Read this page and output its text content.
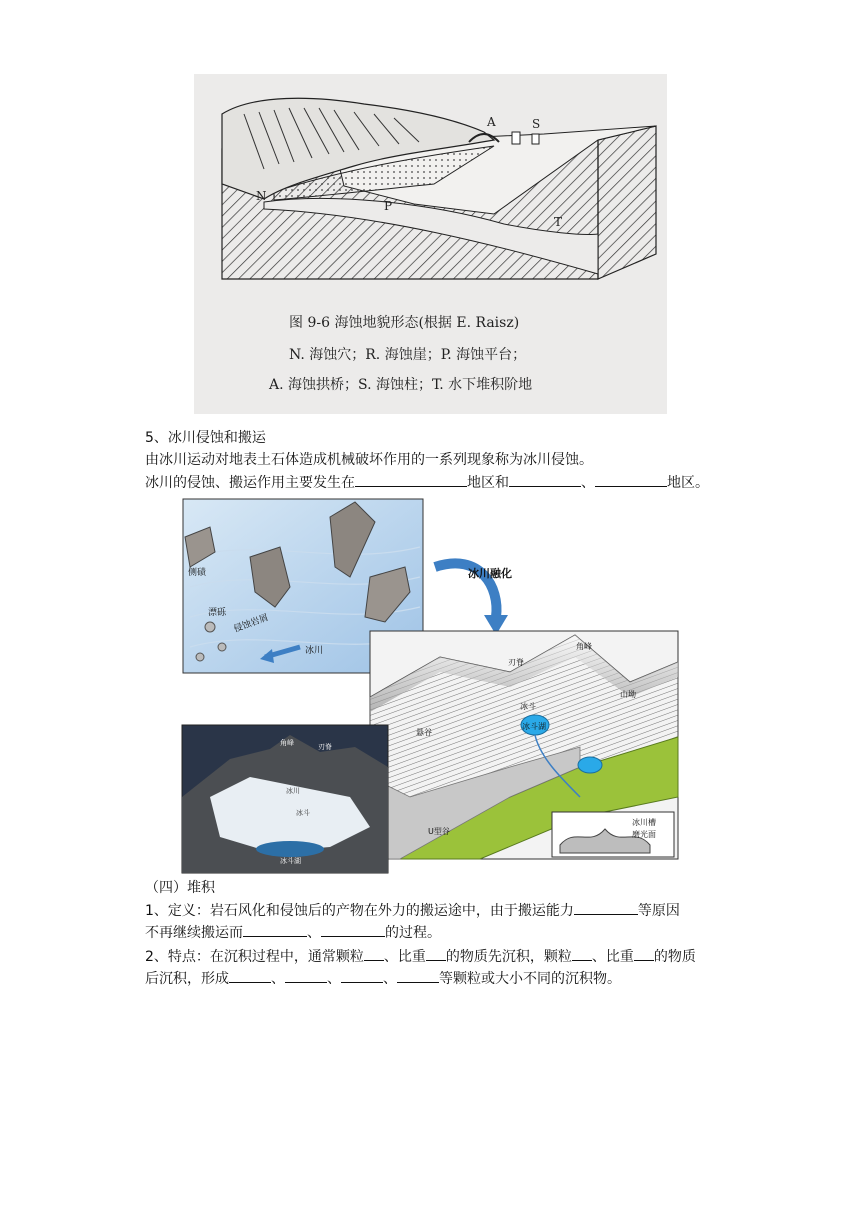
A	S
N
P
T
图 9-6 海蚀地貌形态(根据 E. Raisz)
N. 海蚀穴；R. 海蚀崖；P. 海蚀平台；
A. 海蚀拱桥；S. 海蚀柱；T. 水下堆积阶地
5、冰川侵蚀和搬运
由冰川运动对地表土石体造成机械破坏作用的一系列现象称为冰川侵蚀。
冰川的侵蚀、搬运作用主要发生在	地区和	、	地区。
侧碛
漂砾
侵蚀岩屑
冰川
冰川融化
角峰
刃脊
冰斗
冰斗湖
悬谷
山坳
U型谷
冰川槽
磨光面
角峰	刃脊
冰川
冰斗
冰斗湖
（四）堆积
1、定义：岩石风化和侵蚀后的产物在外力的搬运途中，由于搬运能力	等原因
不再继续搬运而	、	的过程。
2、特点：在沉积过程中，通常颗粒 、比重 的物质先沉积，颗粒 、比重 的物质
后沉积，形成	、	、	、	等颗粒或大小不同的沉积物。
